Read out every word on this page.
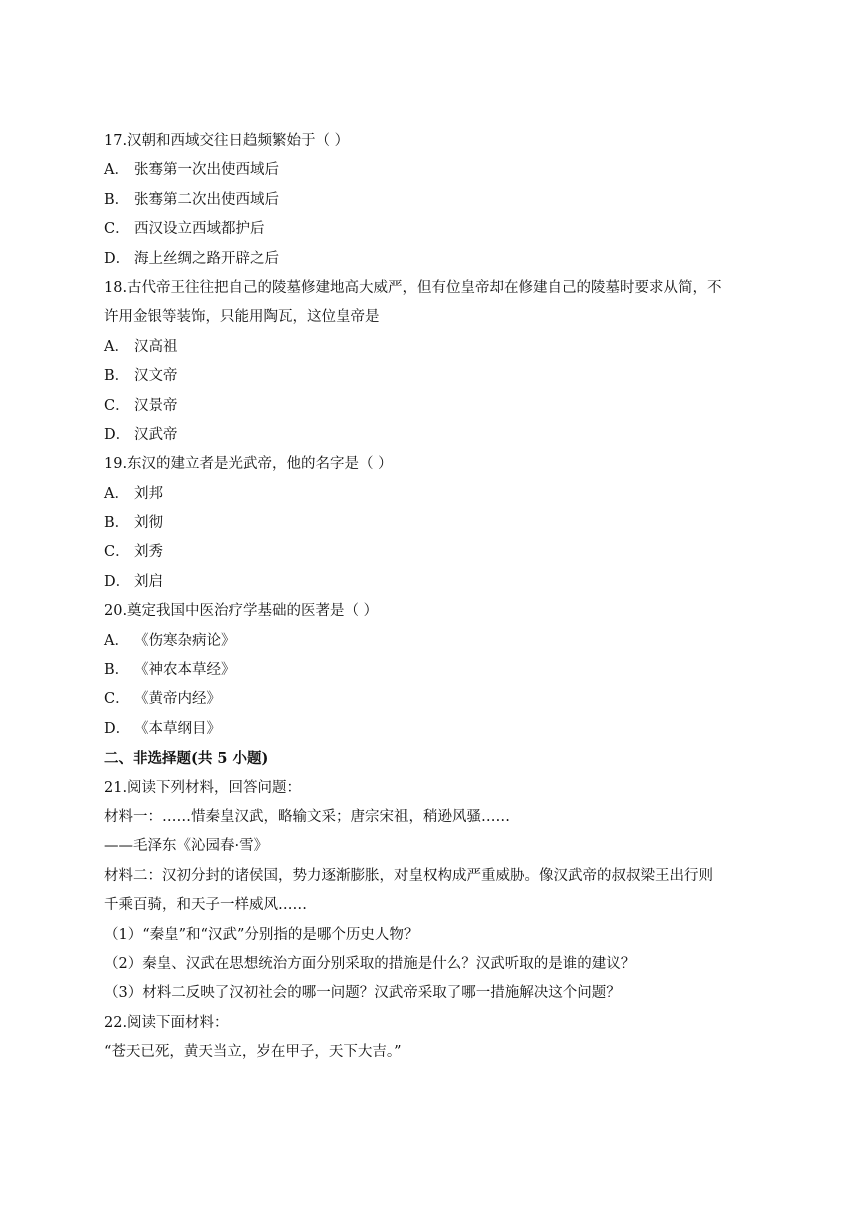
17.汉朝和西域交往日趋频繁始于（ ）
A． 张骞第一次出使西域后
B． 张骞第二次出使西域后
C． 西汉设立西域都护后
D． 海上丝绸之路开辟之后
18.古代帝王往往把自己的陵墓修建地高大威严，但有位皇帝却在修建自己的陵墓时要求从简，不
许用金银等装饰，只能用陶瓦，这位皇帝是
A． 汉高祖
B． 汉文帝
C． 汉景帝
D． 汉武帝
19.东汉的建立者是光武帝，他的名字是（ ）
A． 刘邦
B． 刘彻
C． 刘秀
D． 刘启
20.奠定我国中医治疗学基础的医著是（ ）
A． 《伤寒杂病论》
B． 《神农本草经》
C． 《黄帝内经》
D． 《本草纲目》
二、非选择题(共 5 小题)
21.阅读下列材料，回答问题：
材料一：……惜秦皇汉武，略输文采；唐宗宋祖，稍逊风骚……
——毛泽东《沁园春·雪》
材料二：汉初分封的诸侯国，势力逐渐膨胀，对皇权构成严重威胁。像汉武帝的叔叔梁王出行则
千乘百骑，和天子一样威风……
（1）“秦皇”和“汉武”分别指的是哪个历史人物？
（2）秦皇、汉武在思想统治方面分别采取的措施是什么？汉武听取的是谁的建议？
（3）材料二反映了汉初社会的哪一问题？汉武帝采取了哪一措施解决这个问题？
22.阅读下面材料：
“苍天已死，黄天当立，岁在甲子，天下大吉。”
